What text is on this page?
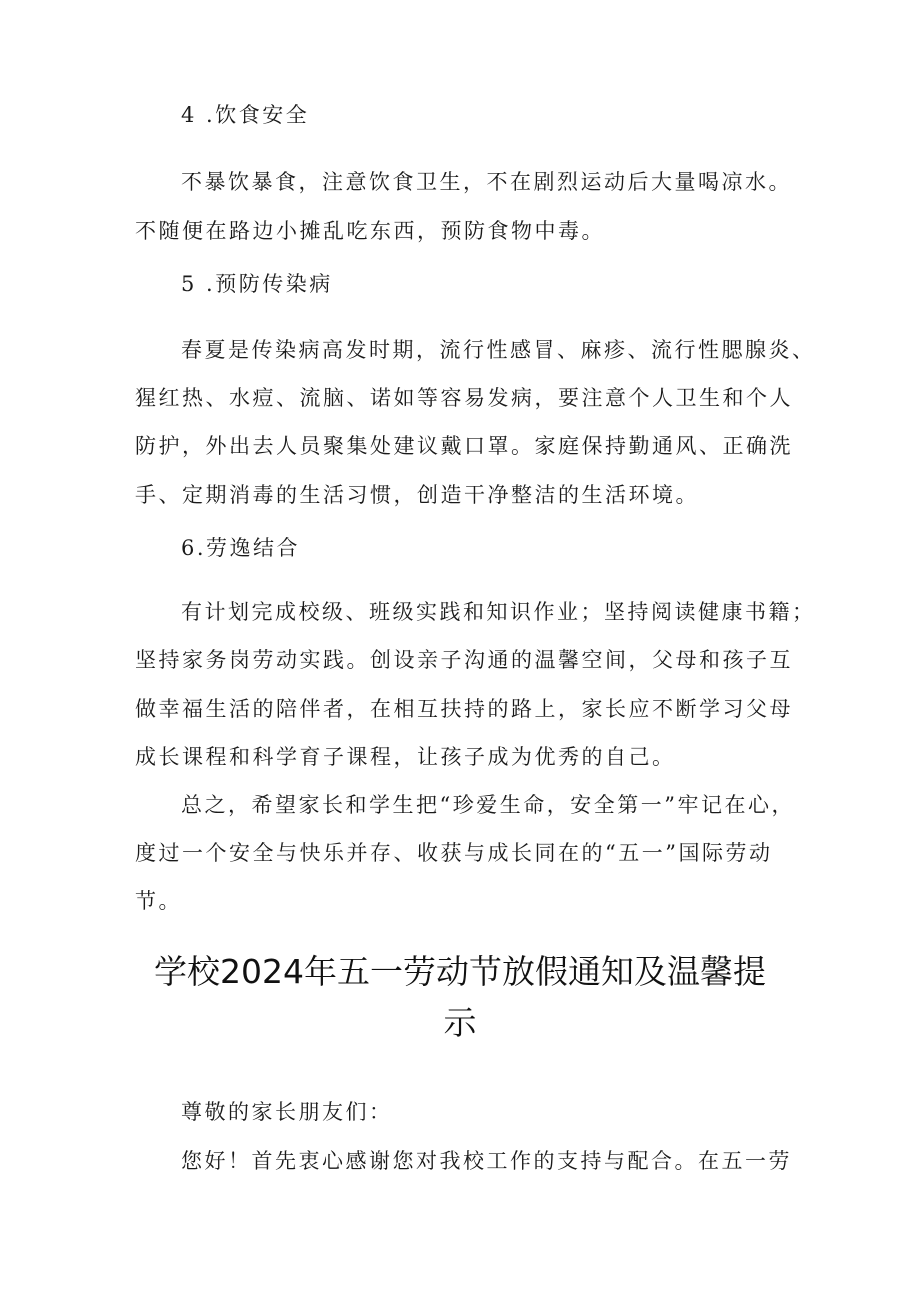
4 .饮食安全
不暴饮暴食，注意饮食卫生，不在剧烈运动后大量喝凉水。
不随便在路边小摊乱吃东西，预防食物中毒。
5 .预防传染病
春夏是传染病高发时期，流行性感冒、麻疹、流行性腮腺炎、
猩红热、水痘、流脑、诺如等容易发病，要注意个人卫生和个人
防护，外出去人员聚集处建议戴口罩。家庭保持勤通风、正确洗
手、定期消毒的生活习惯，创造干净整洁的生活环境。
6.劳逸结合
有计划完成校级、班级实践和知识作业；坚持阅读健康书籍；
坚持家务岗劳动实践。创设亲子沟通的温馨空间，父母和孩子互
做幸福生活的陪伴者，在相互扶持的路上，家长应不断学习父母
成长课程和科学育子课程，让孩子成为优秀的自己。
总之，希望家长和学生把“珍爱生命，安全第一”牢记在心，
度过一个安全与快乐并存、收获与成长同在的“五一”国际劳动
节。
学校2024年五一劳动节放假通知及温馨提
示
尊敬的家长朋友们：
您好！首先衷心感谢您对我校工作的支持与配合。在五一劳
